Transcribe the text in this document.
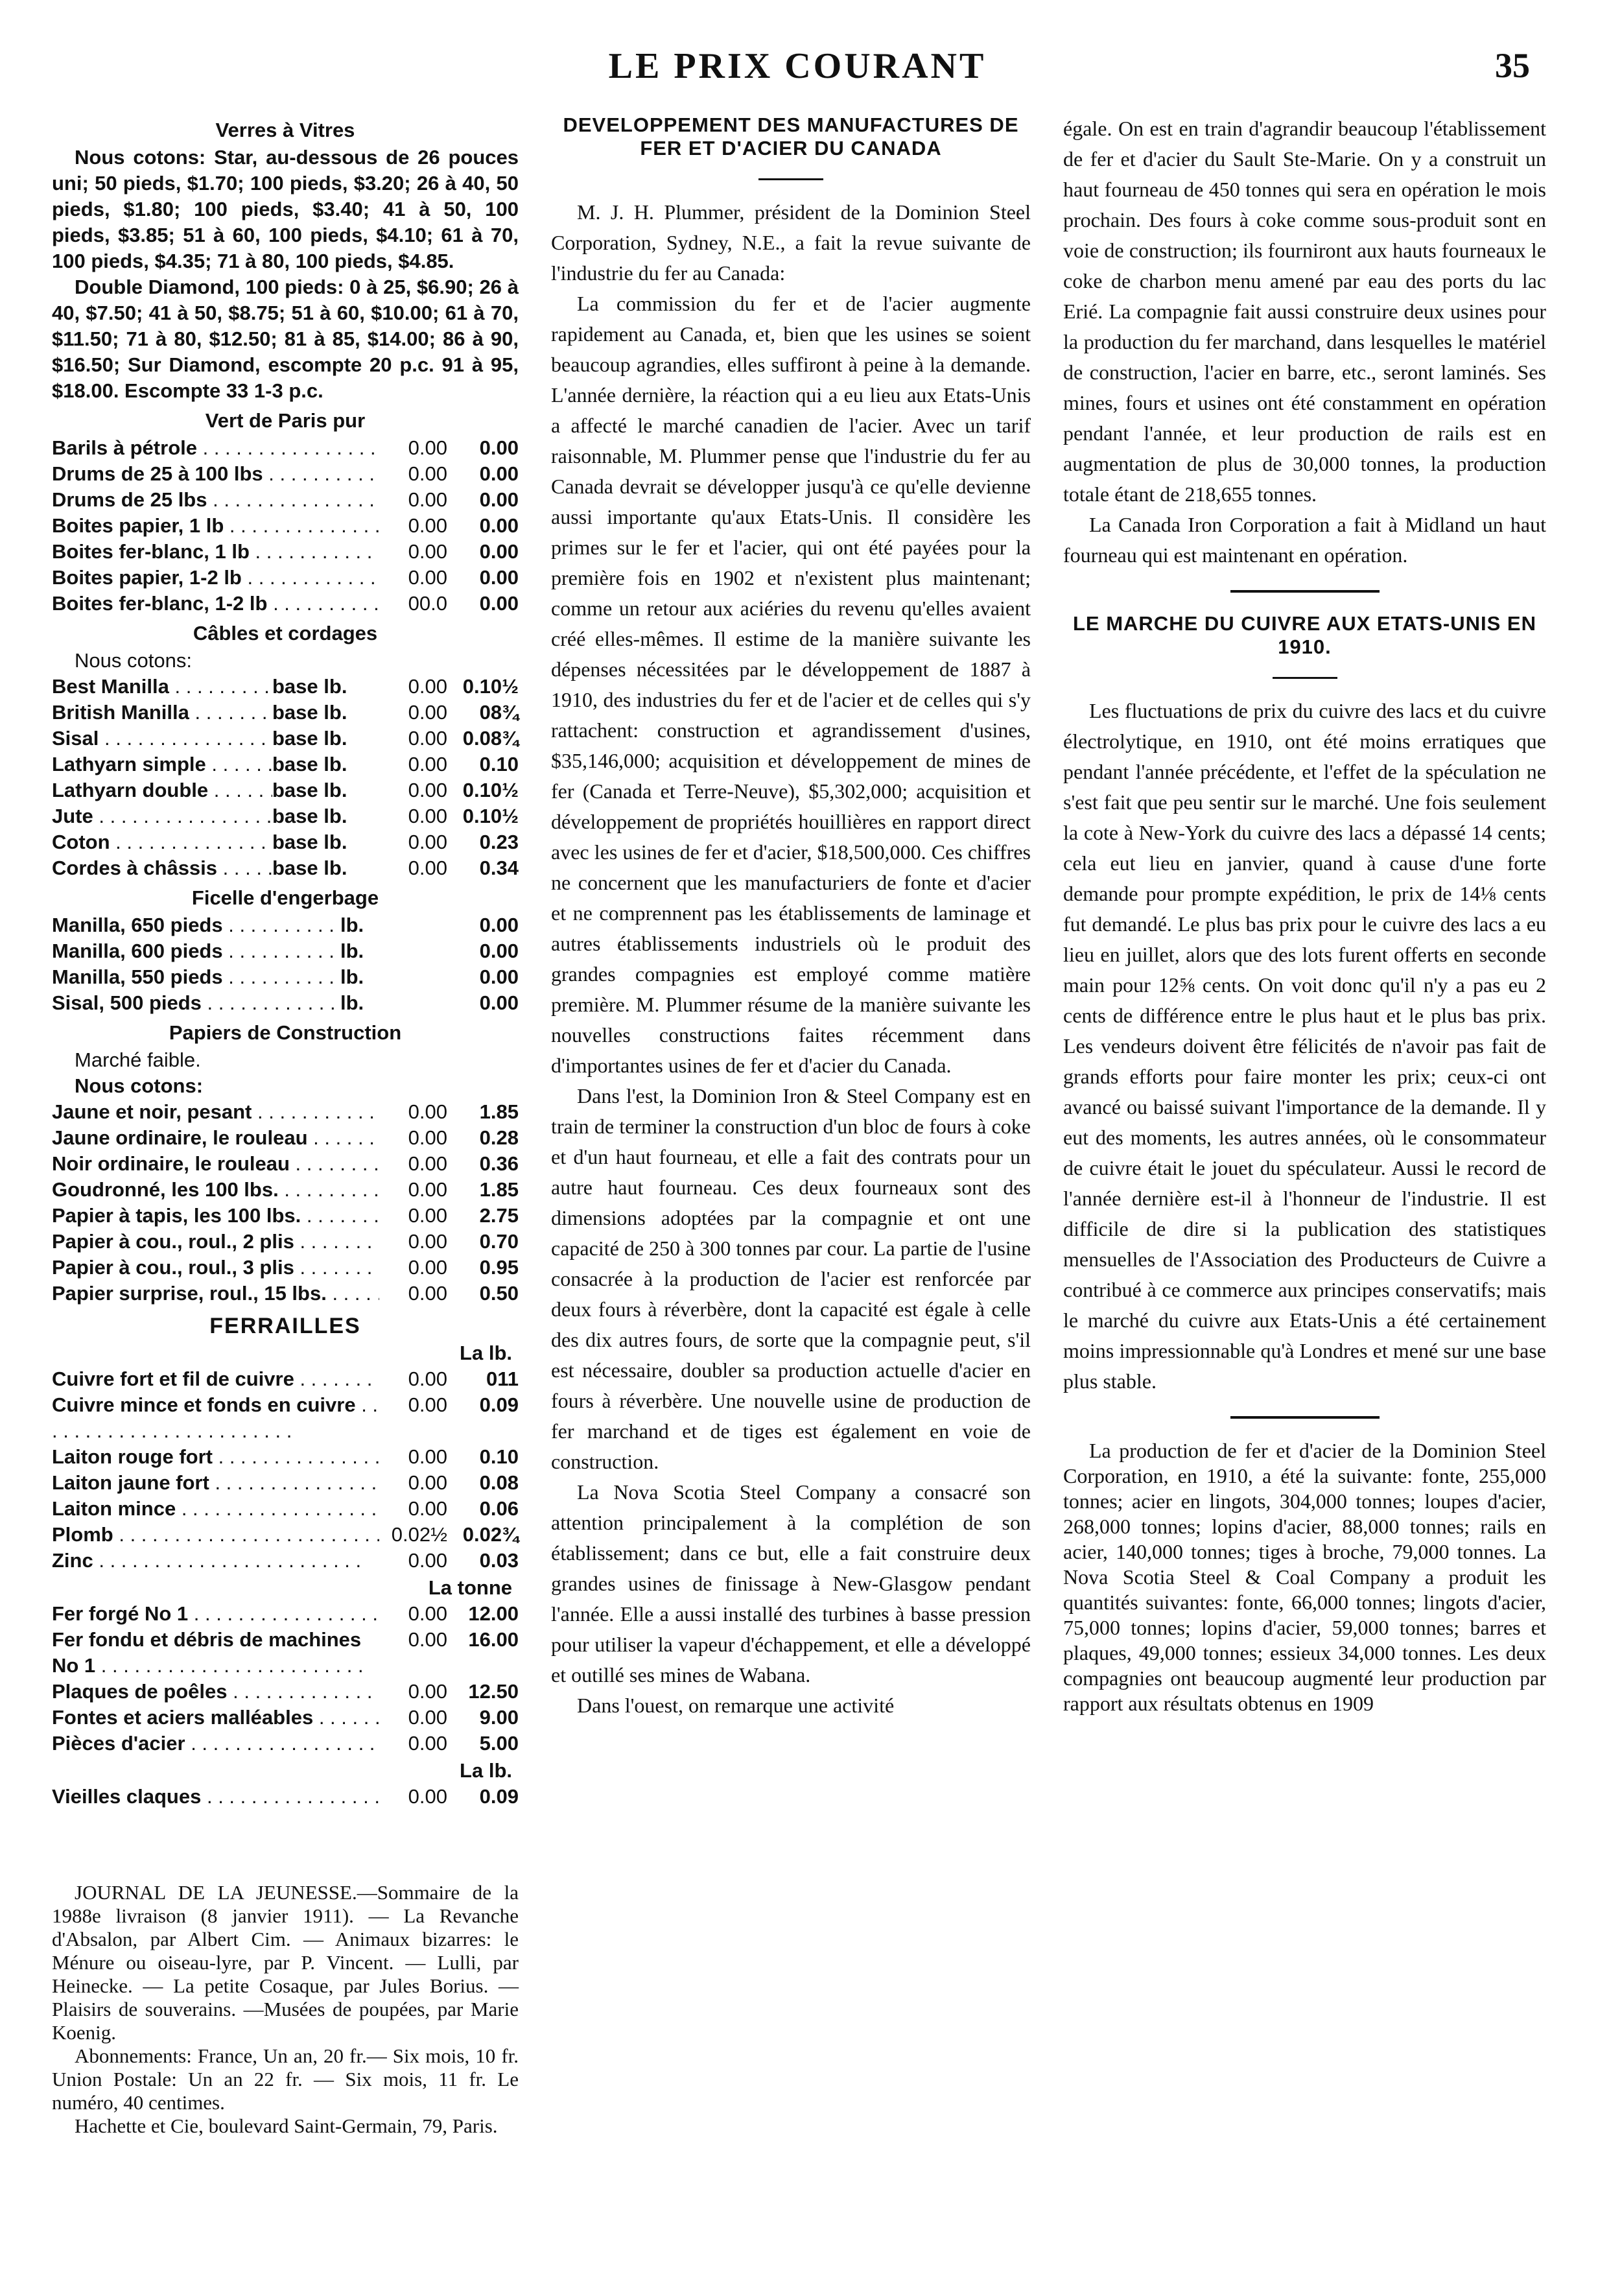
LE PRIX COURANT	35
Verres à Vitres

Nous cotons: Star, au-dessous de 26 pouces uni; 50 pieds, $1.70; 100 pieds, $3.20; 26 à 40, 50 pieds, $1.80; 100 pieds, $3.40; 41 à 50, 100 pieds, $3.85; 51 à 60, 100 pieds, $4.10; 61 à 70, 100 pieds, $4.35; 71 à 80, 100 pieds, $4.85.

Double Diamond, 100 pieds: 0 à 25, $6.90; 26 à 40, $7.50; 41 à 50, $8.75; 51 à 60, $10.00; 61 à 70, $11.50; 71 à 80, $12.50; 81 à 85, $14.00; 86 à 90, $16.50; Sur Diamond, escompte 20 p.c. 91 à 95, $18.00. Escompte 33 1-3 p.c.

Vert de Paris pur
Barils à pétrole . . .	0.00	0.00
Drums de 25 à 100 lbs . . .	0.00	0.00
Drums de 25 lbs . . .	0.00	0.00
Boites papier, 1 lb . . .	0.00	0.00
Boites fer-blanc, 1 lb . . .	0.00	0.00
Boites papier, 1-2 lb . . .	0.00	0.00
Boites fer-blanc, 1-2 lb . . .	00.0	0.00
Câbles et cordages
Nous cotons:
Best Manilla . . .	base lb.	0.00 0.10½
British Manilla . . .	base lb.	0.00	08¾
Sisal . . .	base lb.	0.00 0.08¾
Lathyarn simple . . .	base lb.	0.00	0.10
Lathyarn double . . .	base lb.	0.00 0.10½
Jute . . .	base lb.	0.00 0.10½
Coton . . .	base lb.	0.00	0.23
Cordes à châssis . . .	base lb.	0.00	0.34
Ficelle d'engerbage
Manilla, 650 pieds . . .	lb.	0.00
Manilla, 600 pieds . . .	lb.	0.00
Manilla, 550 pieds . . .	lb.	0.00
Sisal, 500 pieds . . .	lb.	0.00
Papiers de Construction
Marché faible.
Nous cotons:
Jaune et noir, pesant . . .	0.00	1.85
Jaune ordinaire, le rouleau . . .	0.00	0.28
Noir ordinaire, le rouleau . . .	0.00	0.36
Goudronné, les 100 lbs. . . .	0.00	1.85
Papier à tapis, les 100 lbs. . . .	0.00	2.75
Papier à cou., roul., 2 plis . . .	0.00	0.70
Papier à cou., roul., 3 plis . . .	0.00	0.95
Papier surprise, roul., 15 lbs. . . .	0.00	0.50
FERRAILLES
La lb.
Cuivre fort et fil de cuivre . . .	0.00	011
Cuivre mince et fonds en cuivre . . .	0.00	0.09
Laiton rouge fort . . .	0.00	0.10
Laiton jaune fort . . .	0.00	0.08
Laiton mince . . .	0.00	0.06
Plomb . . .	0.02½ 0.02¾
Zinc . . .	0.00	0.03
La tonne
Fer forgé No 1 . . .	0.00	12.00
Fer fondu et débris de machines No 1 . . .
0.00	16.00
Plaques de poêles . . .	0.00	12.50
Fontes et aciers malléables . . .	0.00	9.00
Pièces d'acier . . .	0.00	5.00
La lb.
Vieilles claques . . .	0.00	0.09

JOURNAL DE LA JEUNESSE.—Sommaire de la 1988e livraison (8 janvier 1911). — La Revanche d'Absalon, par Albert Cim. — Animaux bizarres: le Ménure ou oiseau-lyre, par P. Vincent. — Lulli, par Heinecke. — La petite Cosaque, par Jules Borius. — Plaisirs de souverains. —Musées de poupées, par Marie Koenig.

Abonnements: France, Un an, 20 fr.— Six mois, 10 fr. Union Postale: Un an 22 fr. — Six mois, 11 fr. Le numéro, 40 centimes.

Hachette et Cie, boulevard Saint-Germain, 79, Paris.

DEVELOPPEMENT DES MANUFACTURES DE FER ET D'ACIER DU CANADA

M. J. H. Plummer, président de la Dominion Steel Corporation, Sydney, N.E., a fait la revue suivante de l'industrie du fer au Canada:

La commission du fer et de l'acier augmente rapidement au Canada, et, bien que les usines se soient beaucoup agrandies, elles suffiront à peine à la demande. L'année dernière, la réaction qui a eu lieu aux Etats-Unis a affecté le marché canadien de l'acier. Avec un tarif raisonnable, M. Plummer pense que l'industrie du fer au Canada devrait se développer jusqu'à ce qu'elle devienne aussi importante qu'aux Etats-Unis. Il considère les primes sur le fer et l'acier, qui ont été payées pour la première fois en 1902 et n'existent plus maintenant; comme un retour aux aciéries du revenu qu'elles avaient créé elles-mêmes. Il estime de la manière suivante les dépenses nécessitées par le développement de 1887 à 1910, des industries du fer et de l'acier et de celles qui s'y rattachent: construction et agrandissement d'usines, $35,146,000; acquisition et développement de mines de fer (Canada et Terre-Neuve), $5,302,000; acquisition et développement de propriétés houillières en rapport direct avec les usines de fer et d'acier, $18,500,000. Ces chiffres ne concernent que les manufacturiers de fonte et d'acier et ne comprennent pas les établissements de laminage et autres établissements industriels où le produit des grandes compagnies est employé comme matière première. M. Plummer résume de la manière suivante les nouvelles constructions faites récemment dans d'importantes usines de fer et d'acier du Canada.

Dans l'est, la Dominion Iron & Steel Company est en train de terminer la construction d'un bloc de fours à coke et d'un haut fourneau, et elle a fait des contrats pour un autre haut fourneau. Ces deux fourneaux sont des dimensions adoptées par la compagnie et ont une capacité de 250 à 300 tonnes par cour. La partie de l'usine consacrée à la production de l'acier est renforcée par deux fours à réverbère, dont la capacité est égale à celle des dix autres fours, de sorte que la compagnie peut, s'il est nécessaire, doubler sa production actuelle d'acier en fours à réverbère. Une nouvelle usine de production de fer marchand et de tiges est également en voie de construction.

La Nova Scotia Steel Company a consacré son attention principalement à la complétion de son établissement; dans ce but, elle a fait construire deux grandes usines de finissage à New-Glasgow pendant l'année. Elle a aussi installé des turbines à basse pression pour utiliser la vapeur d'échappement, et elle a développé et outillé ses mines de Wabana.

Dans l'ouest, on remarque une activité

égale. On est en train d'agrandir beaucoup l'établissement de fer et d'acier du Sault Ste-Marie. On y a construit un haut fourneau de 450 tonnes qui sera en opération le mois prochain. Des fours à coke comme sous-produit sont en voie de construction; ils fourniront aux hauts fourneaux le coke de charbon menu amené par eau des ports du lac Erié. La compagnie fait aussi construire deux usines pour la production du fer marchand, dans lesquelles le matériel de construction, l'acier en barre, etc., seront laminés. Ses mines, fours et usines ont été constamment en opération pendant l'année, et leur production de rails est en augmentation de plus de 30,000 tonnes, la production totale étant de 218,655 tonnes.

La Canada Iron Corporation a fait à Midland un haut fourneau qui est maintenant en opération.

LE MARCHE DU CUIVRE AUX ETATS-UNIS EN 1910.

Les fluctuations de prix du cuivre des lacs et du cuivre électrolytique, en 1910, ont été moins erratiques que pendant l'année précédente, et l'effet de la spéculation ne s'est fait que peu sentir sur le marché. Une fois seulement la cote à New-York du cuivre des lacs a dépassé 14 cents; cela eut lieu en janvier, quand à cause d'une forte demande pour prompte expédition, le prix de 14⅛ cents fut demandé. Le plus bas prix pour le cuivre des lacs a eu lieu en juillet, alors que des lots furent offerts en seconde main pour 12⅝ cents. On voit donc qu'il n'y a pas eu 2 cents de différence entre le plus haut et le plus bas prix. Les vendeurs doivent être félicités de n'avoir pas fait de grands efforts pour faire monter les prix; ceux-ci ont avancé ou baissé suivant l'importance de la demande. Il y eut des moments, les autres années, où le consommateur de cuivre était le jouet du spéculateur. Aussi le record de l'année dernière est-il à l'honneur de l'industrie. Il est difficile de dire si la publication des statistiques mensuelles de l'Association des Producteurs de Cuivre a contribué à ce commerce aux principes conservatifs; mais le marché du cuivre aux Etats-Unis a été certainement moins impressionnable qu'à Londres et mené sur une base plus stable.

La production de fer et d'acier de la Dominion Steel Corporation, en 1910, a été la suivante: fonte, 255,000 tonnes; acier en lingots, 304,000 tonnes; loupes d'acier, 268,000 tonnes; lopins d'acier, 88,000 tonnes; rails en acier, 140,000 tonnes; tiges à broche, 79,000 tonnes. La Nova Scotia Steel & Coal Company a produit les quantités suivantes: fonte, 66,000 tonnes; lingots d'acier, 75,000 tonnes; lopins d'acier, 59,000 tonnes; barres et plaques, 49,000 tonnes; essieux 34,000 tonnes. Les deux compagnies ont beaucoup augmenté leur production par rapport aux résultats obtenus en 1909
